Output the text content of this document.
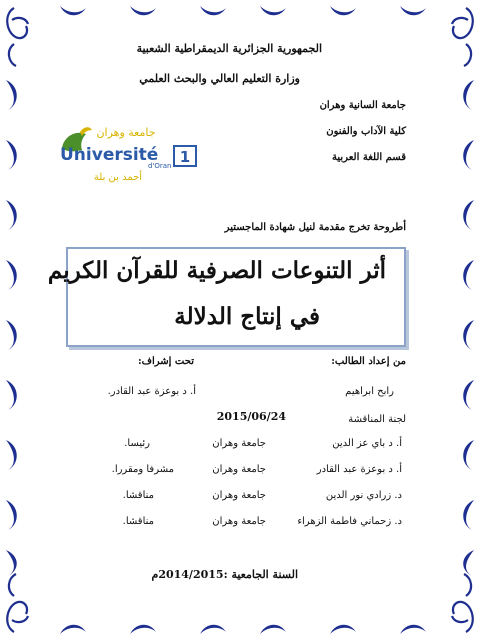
الجمهورية الجزائرية الديمقراطية الشعبية
وزارة التعليم العالي والبحث العلمي
جامعة السانية وهران
كلية الآداب والفنون
قسم اللغة العربية
جامعة وهران
Université
d'Oran 1
أحمد بن بلة
أطروحة تخرج مقدمة لنيل شهادة الماجستير
أثر التنوعات الصرفية للقرآن الكريم
في إنتاج الدلالة
من إعداد الطالب:
تحت إشراف:
رابح ابراهيم
أ. د بوعزة عبد القادر.
2015/06/24	لجنة المناقشة
أ. د باي عز الدين
جامعة وهران
رئيسا.
أ. د بوعزة عبد القادر
جامعة وهران
مشرفا ومقررا.
د. زرادي نور الدين
جامعة وهران
مناقشا.
د. زحماني فاطمة الزهراء
جامعة وهران
مناقشا.
السنة الجامعية :2014/2015م
